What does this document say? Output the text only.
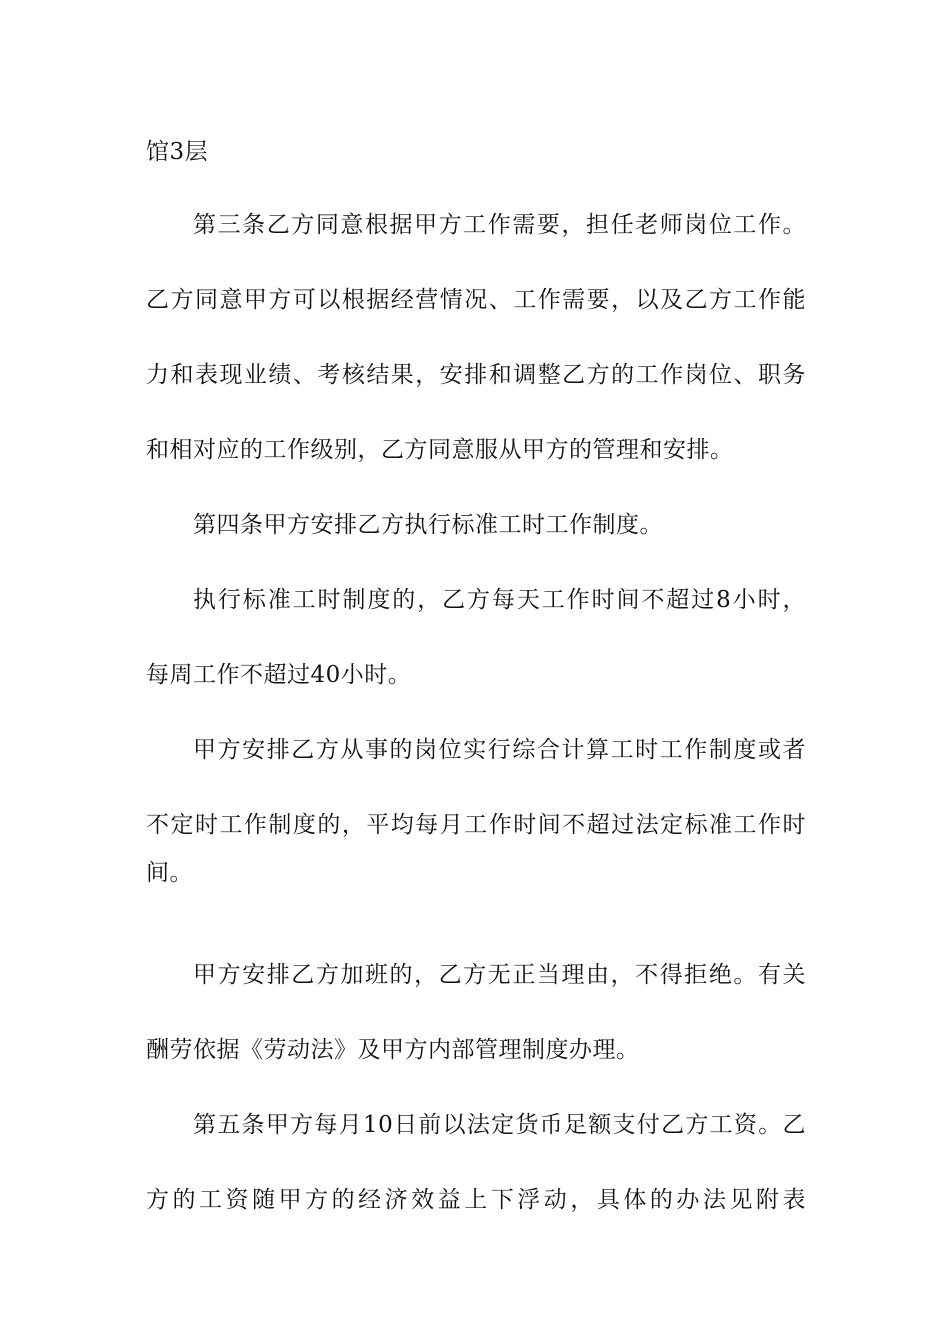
馆3层
第三条乙方同意根据甲方工作需要，担任老师岗位工作。
乙方同意甲方可以根据经营情况、工作需要，以及乙方工作能
力和表现业绩、考核结果，安排和调整乙方的工作岗位、职务
和相对应的工作级别，乙方同意服从甲方的管理和安排。
第四条甲方安排乙方执行标准工时工作制度。
执行标准工时制度的，乙方每天工作时间不超过8小时，
每周工作不超过40小时。
甲方安排乙方从事的岗位实行综合计算工时工作制度或者
不定时工作制度的，平均每月工作时间不超过法定标准工作时
间。
甲方安排乙方加班的，乙方无正当理由，不得拒绝。有关
酬劳依据《劳动法》及甲方内部管理制度办理。
第五条甲方每月10日前以法定货币足额支付乙方工资。乙
方的工资随甲方的经济效益上下浮动，具体的办法见附表
